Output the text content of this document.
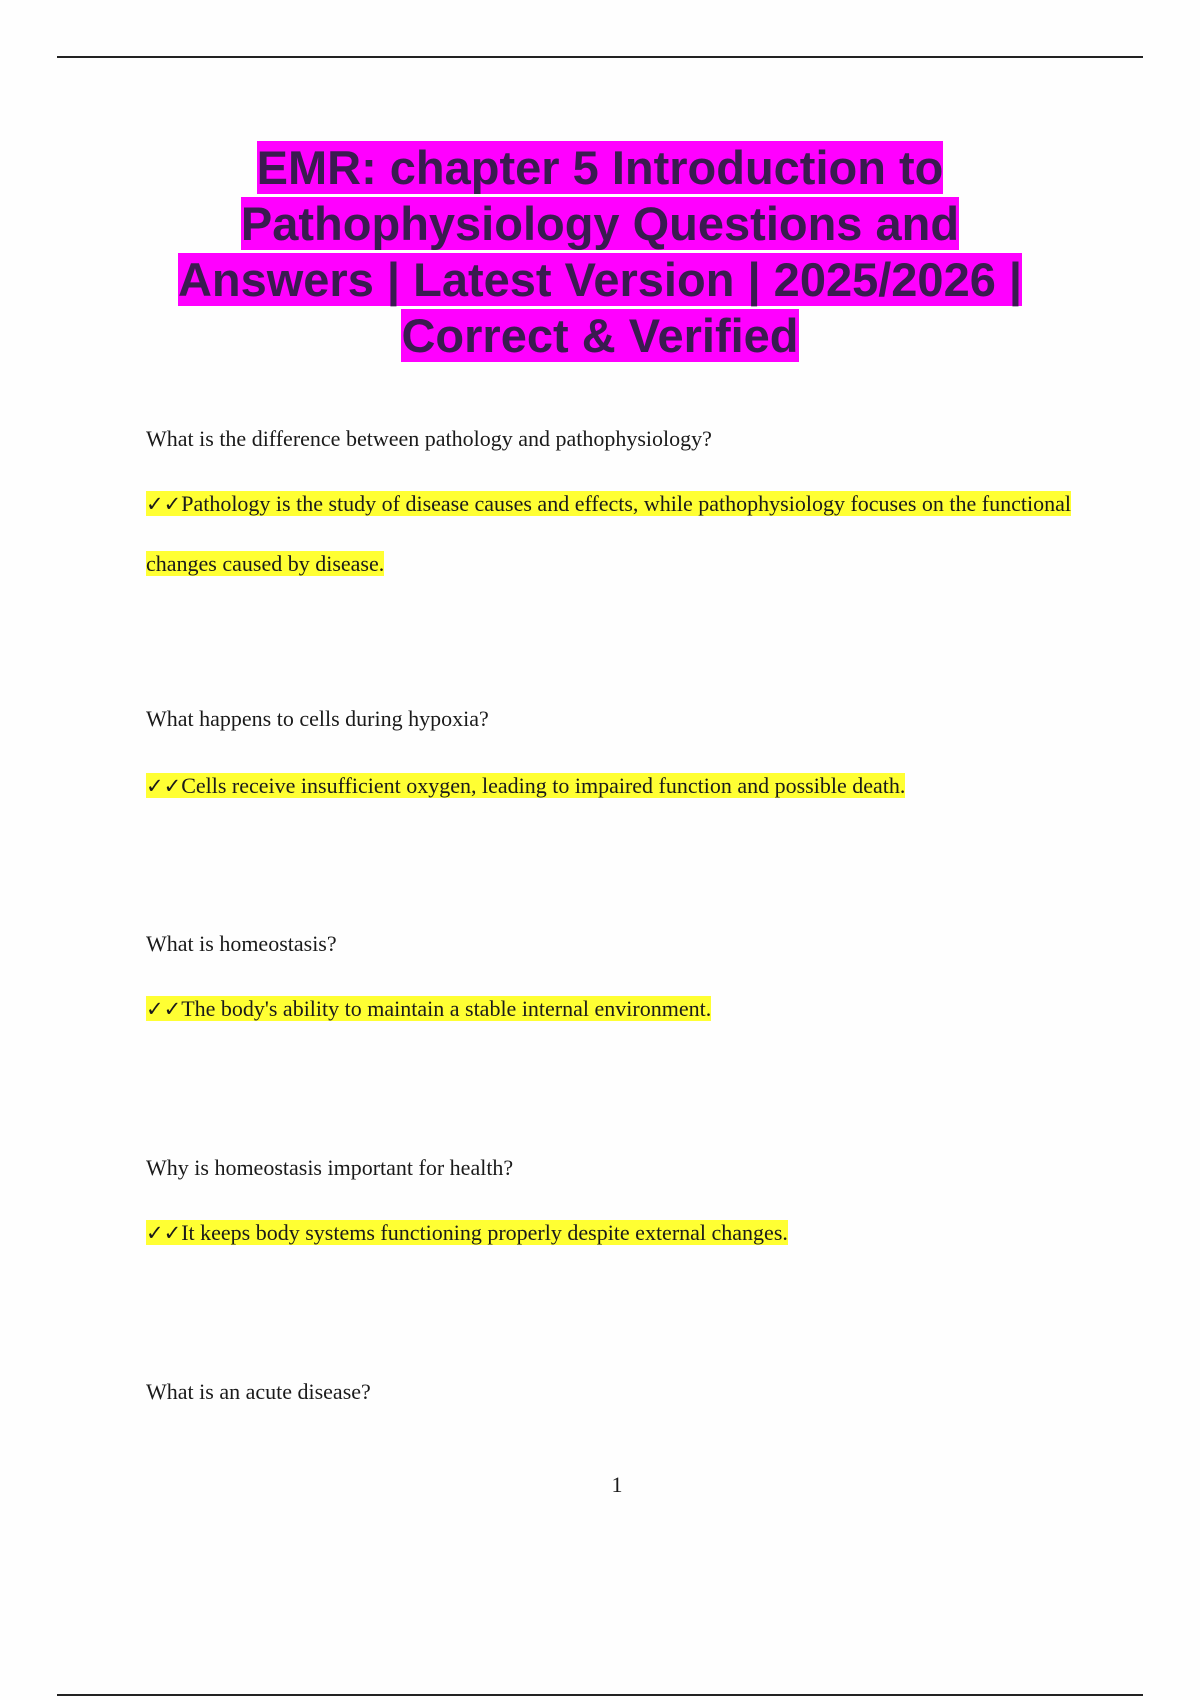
EMR: chapter 5 Introduction to Pathophysiology Questions and Answers | Latest Version | 2025/2026 | Correct & Verified
What is the difference between pathology and pathophysiology?
✓✓Pathology is the study of disease causes and effects, while pathophysiology focuses on the functional changes caused by disease.
What happens to cells during hypoxia?
✓✓Cells receive insufficient oxygen, leading to impaired function and possible death.
What is homeostasis?
✓✓The body's ability to maintain a stable internal environment.
Why is homeostasis important for health?
✓✓It keeps body systems functioning properly despite external changes.
What is an acute disease?
1
